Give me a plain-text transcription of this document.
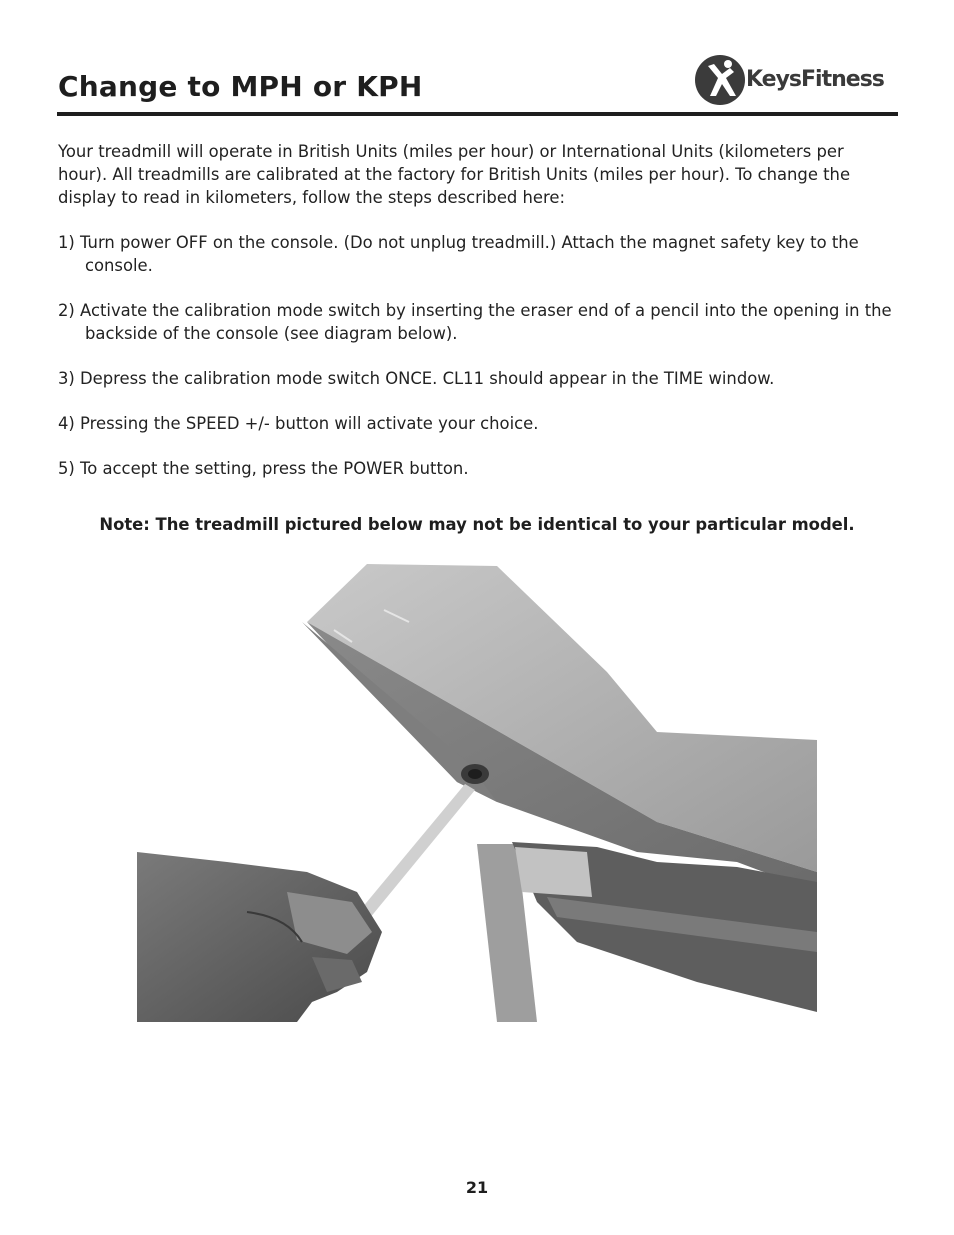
Change to MPH or KPH	KeysFitness
Your treadmill will operate in British Units (miles per hour) or International Units (kilometers per hour). All treadmills are calibrated at the factory for British Units (miles per hour). To change the display to read in kilometers, follow the steps described here:
1) Turn power OFF on the console. (Do not unplug treadmill.) Attach the magnet safety key to the console.
2) Activate the calibration mode switch by inserting the eraser end of a pencil into the opening in the backside of the console (see diagram below).
3) Depress the calibration mode switch ONCE. CL11 should appear in the TIME window.
4) Pressing the SPEED +/- button will activate your choice.
5) To accept the setting, press the POWER button.
Note: The treadmill pictured below may not be identical to your particular model.
21
